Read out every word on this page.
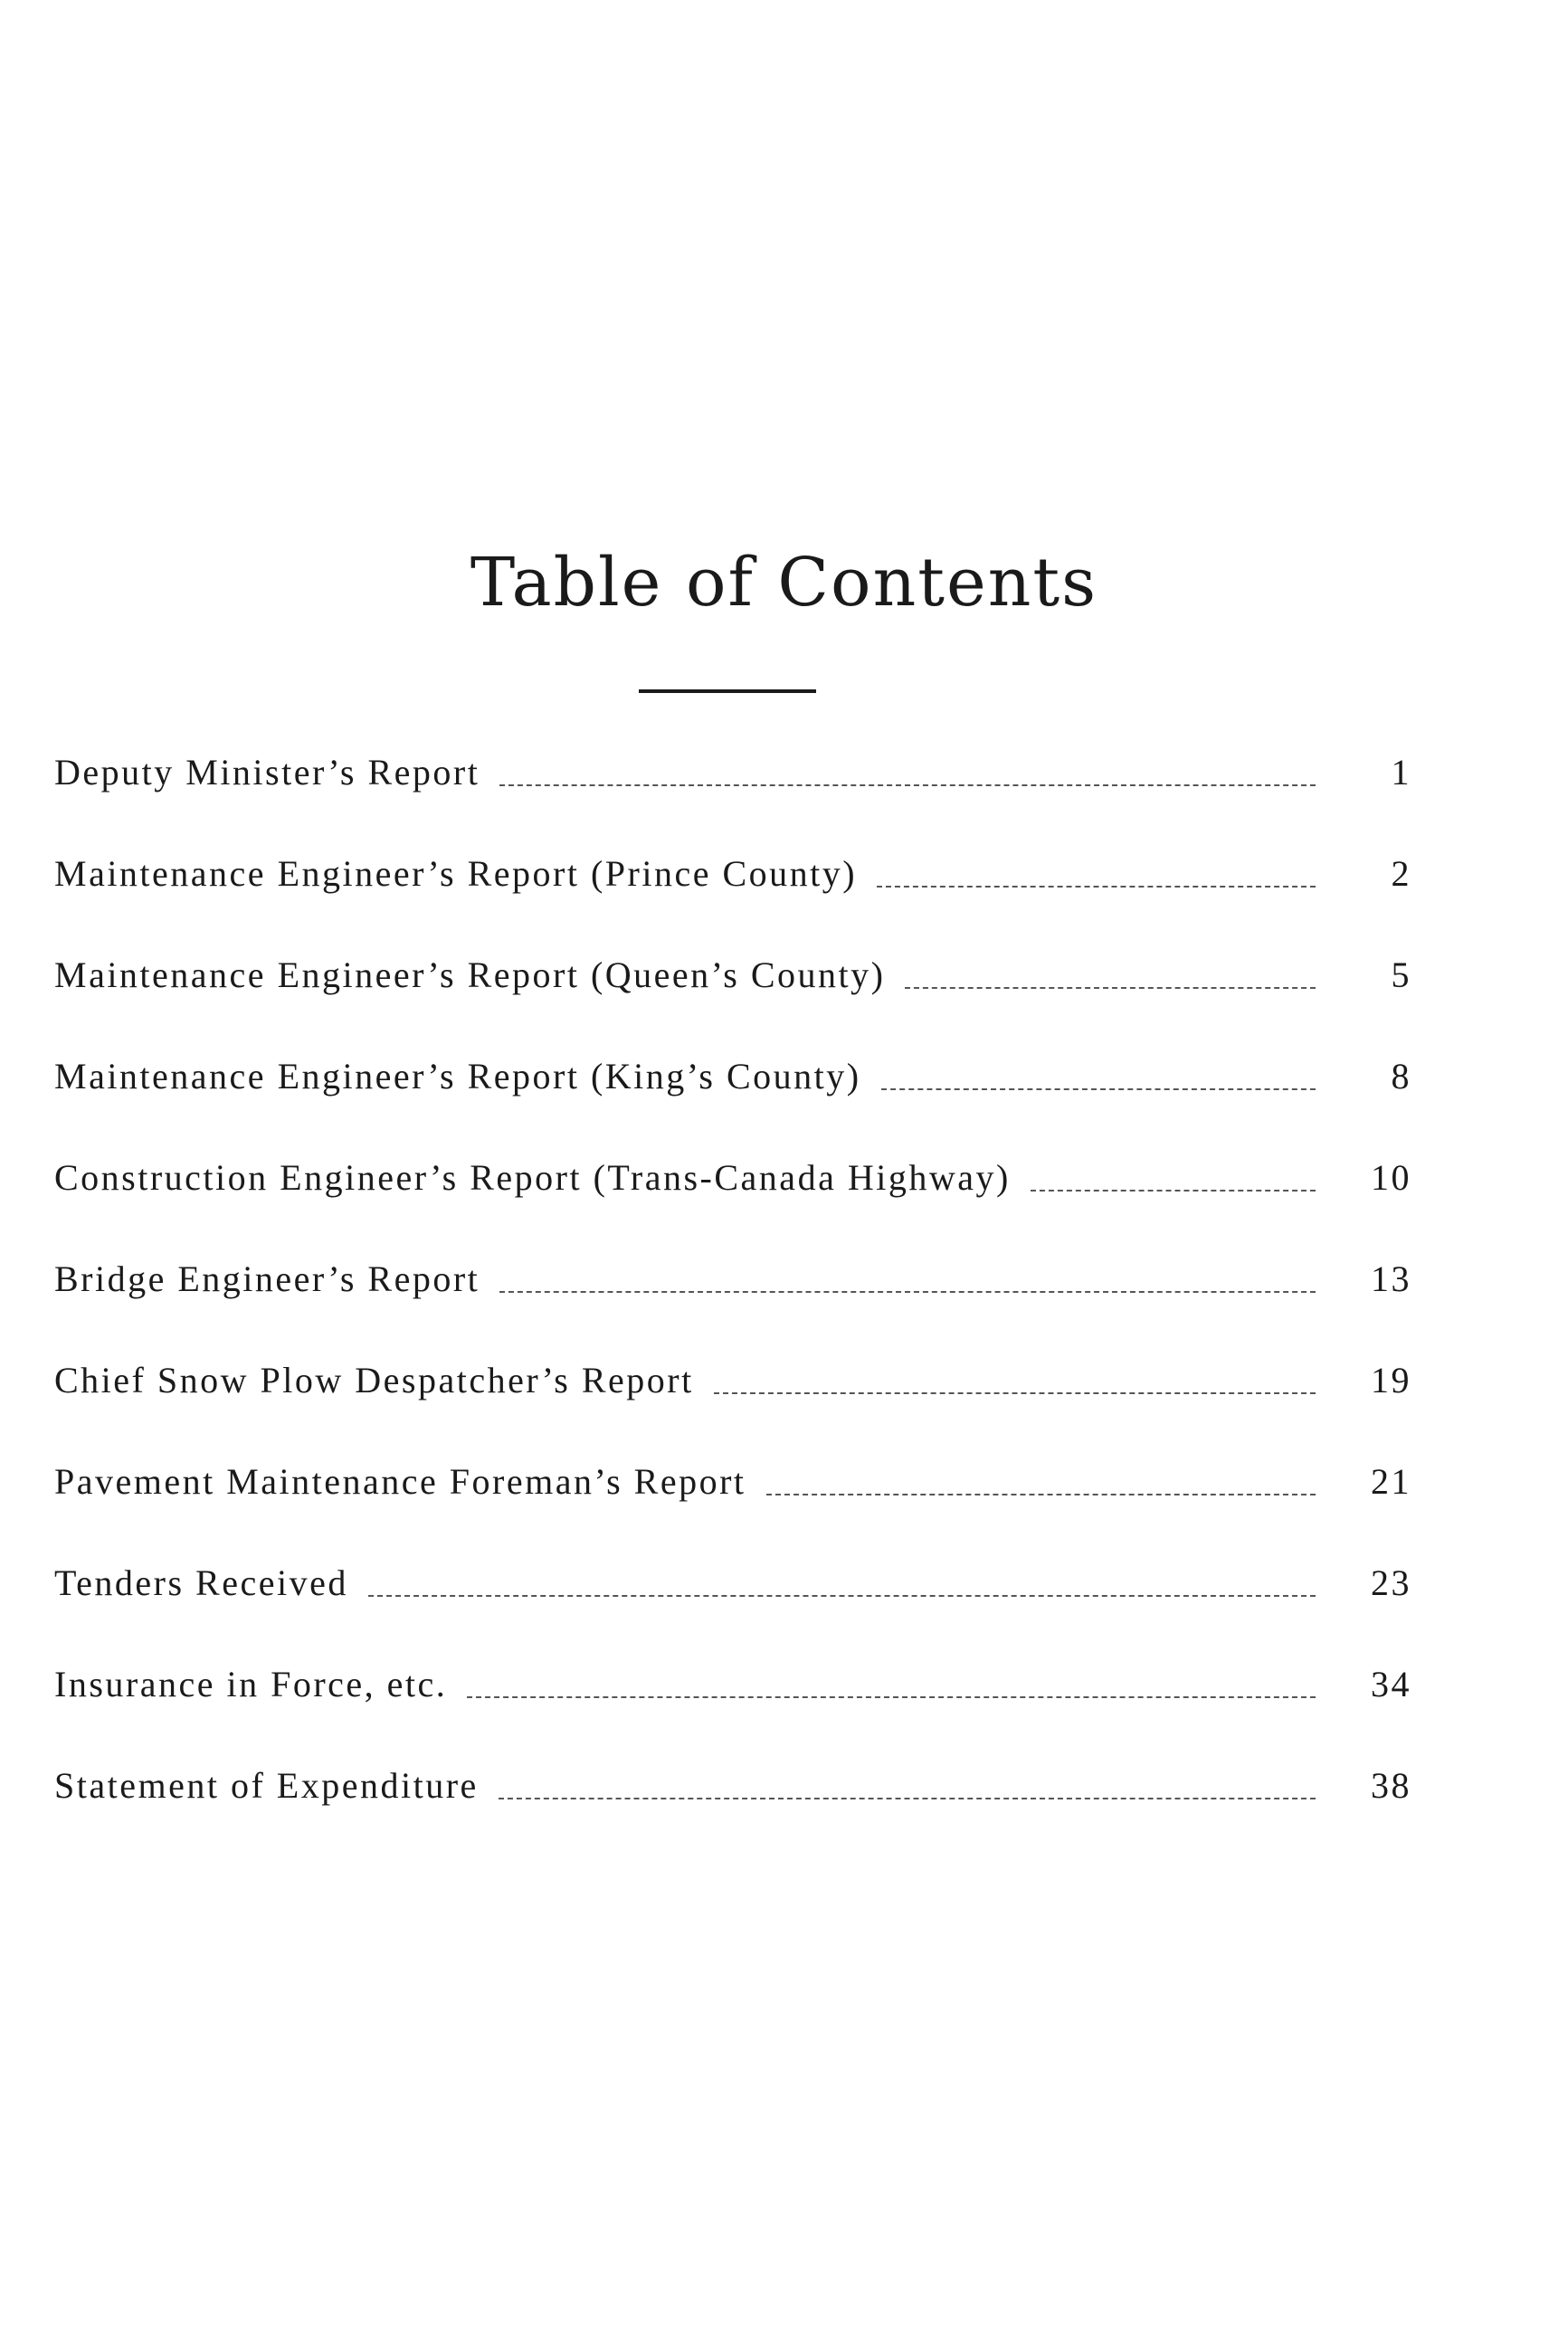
Table of Contents
Deputy Minister’s Report	1
Maintenance Engineer’s Report (Prince County)	2
Maintenance Engineer’s Report (Queen’s County)	5
Maintenance Engineer’s Report (King’s County)	8
Construction Engineer’s Report (Trans-Canada Highway)	10
Bridge Engineer’s Report	13
Chief Snow Plow Despatcher’s Report	19
Pavement Maintenance Foreman’s Report	21
Tenders Received	23
Insurance in Force, etc.	34
Statement of Expenditure	38
